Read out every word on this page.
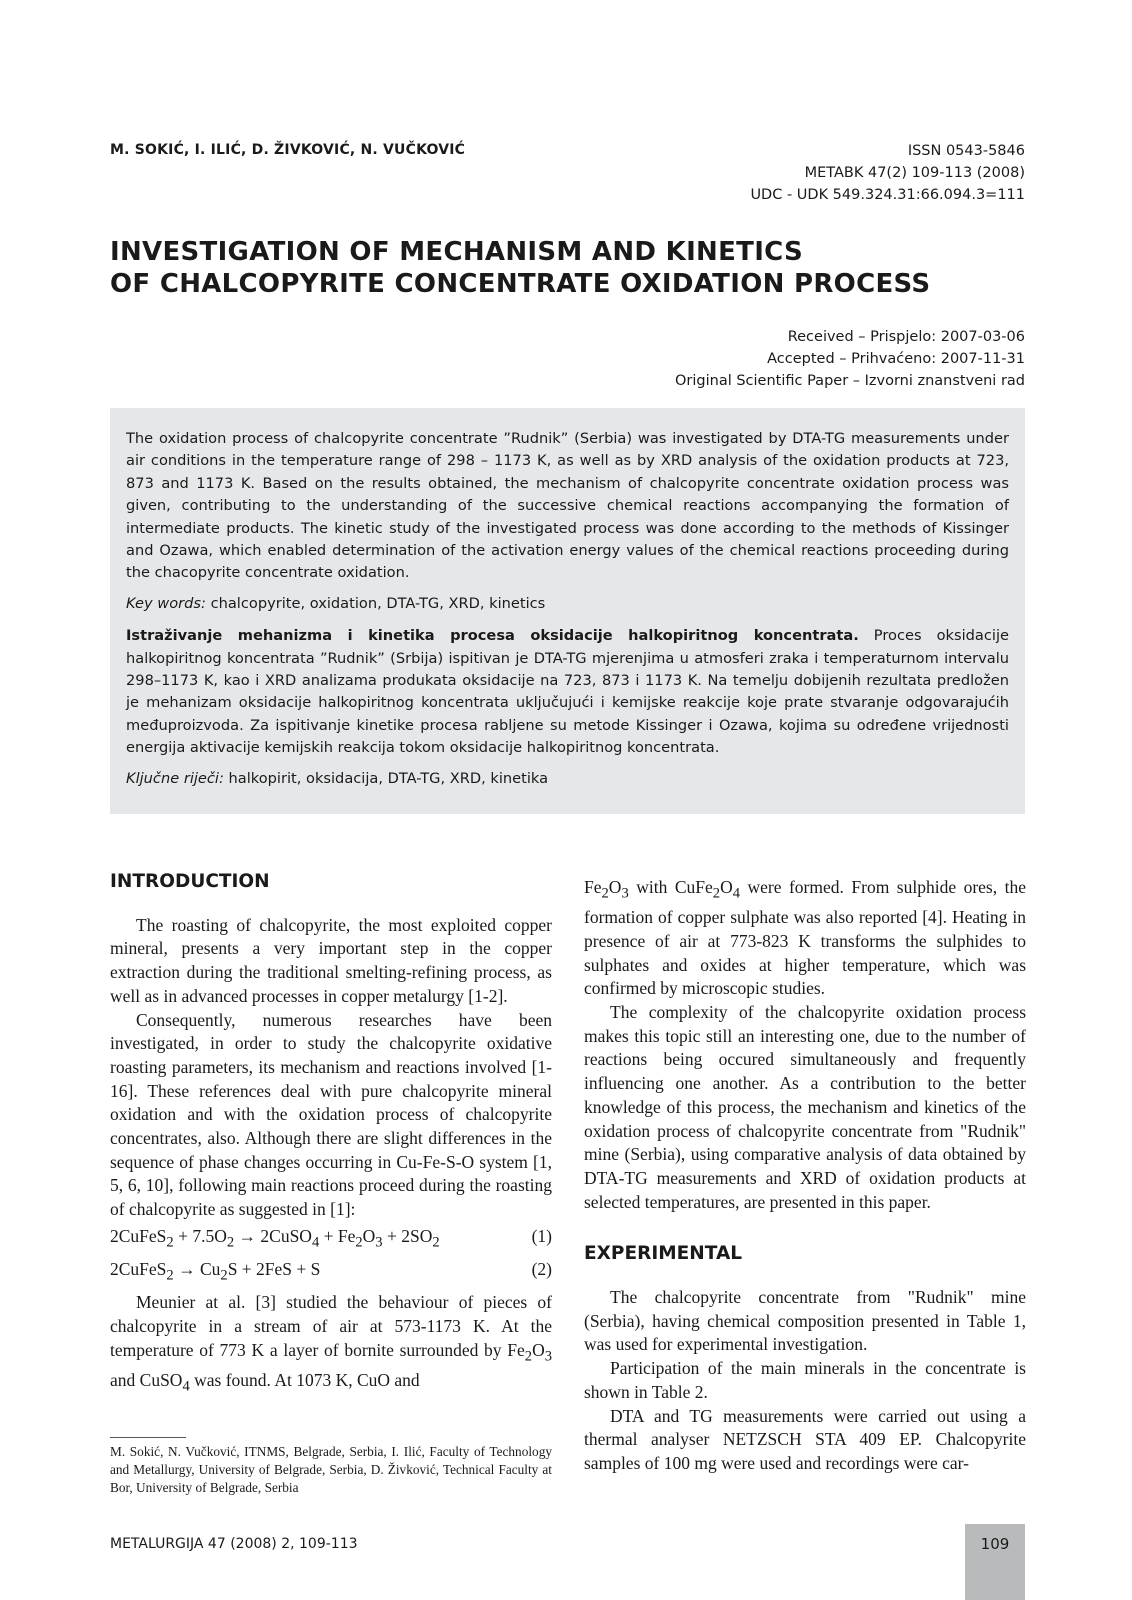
M. SOKIĆ, I. ILIĆ, D. ŽIVKOVIĆ, N. VUČKOVIĆ	ISSN 0543-5846
METABK 47(2) 109-113 (2008)
UDC - UDK 549.324.31:66.094.3=111
INVESTIGATION OF MECHANISM AND KINETICS
OF CHALCOPYRITE CONCENTRATE OXIDATION PROCESS
Received – Prispjelo: 2007-03-06
Accepted – Prihvaćeno: 2007-11-31
Original Scientific Paper – Izvorni znanstveni rad

The oxidation process of chalcopyrite concentrate ”Rudnik” (Serbia) was investigated by DTA-TG measurements under air conditions in the temperature range of 298 – 1173 K, as well as by XRD analysis of the oxidation products at 723, 873 and 1173 K. Based on the results obtained, the mechanism of chalcopyrite concentrate oxidation process was given, contributing to the understanding of the successive chemical reactions accompanying the formation of intermediate products. The kinetic study of the investigated process was done according to the methods of Kissinger and Ozawa, which enabled determination of the activation energy values of the chemical reactions proceeding during the chacopyrite concentrate oxidation.

Key words: chalcopyrite, oxidation, DTA-TG, XRD, kinetics

Istraživanje mehanizma i kinetika procesa oksidacije halkopiritnog koncentrata. Proces oksidacije halkopiritnog koncentrata ”Rudnik” (Srbija) ispitivan je DTA-TG mjerenjima u atmosferi zraka i temperaturnom intervalu 298–1173 K, kao i XRD analizama produkata oksidacije na 723, 873 i 1173 K. Na temelju dobijenih rezultata predložen je mehanizam oksidacije halkopiritnog koncentrata uključujući i kemijske reakcije koje prate stvaranje odgovarajućih međuproizvoda. Za ispitivanje kinetike procesa rabljene su metode Kissinger i Ozawa, kojima su određene vrijednosti energija aktivacije kemijskih reakcija tokom oksidacije halkopiritnog koncentrata.

Ključne riječi: halkopirit, oksidacija, DTA-TG, XRD, kinetika

INTRODUCTION

The roasting of chalcopyrite, the most exploited copper mineral, presents a very important step in the copper extraction during the traditional smelting-refining process, as well as in advanced processes in copper metalurgy [1-2].

Consequently, numerous researches have been investigated, in order to study the chalcopyrite oxidative roasting parameters, its mechanism and reactions involved [1-16]. These references deal with pure chalcopyrite mineral oxidation and with the oxidation process of chalcopyrite concentrates, also. Although there are slight differences in the sequence of phase changes occurring in Cu-Fe-S-O system [1, 5, 6, 10], following main reactions proceed during the roasting of chalcopyrite as suggested in [1]:

2CuFeS$_2$ + $7.5O_2$ → 2CuSO$_4$ + $Fe_2O_3 + 2SO_2$	(1)
2CuFeS$_2$ → $Cu_2S + 2FeS + S$	(2)

Meunier at al. [3] studied the behaviour of pieces of chalcopyrite in a stream of air at 573-1173 K. At the temperature of 773 K a layer of bornite surrounded by $Fe_2O_3$ and CuSO$_4$ was found. At 1073 K, CuO and

$Fe_2O_3$ with $CuFe_2O_4$ were formed. From sulphide ores, the formation of copper sulphate was also reported [4]. Heating in presence of air at 773-823 K transforms the sulphides to sulphates and oxides at higher temperature, which was confirmed by microscopic studies.

The complexity of the chalcopyrite oxidation process makes this topic still an interesting one, due to the number of reactions being occured simultaneously and frequently influencing one another. As a contribution to the better knowledge of this process, the mechanism and kinetics of the oxidation process of chalcopyrite concentrate from "Rudnik" mine (Serbia), using comparative analysis of data obtained by DTA-TG measurements and XRD of oxidation products at selected temperatures, are presented in this paper.

EXPERIMENTAL

The chalcopyrite concentrate from "Rudnik" mine (Serbia), having chemical composition presented in Table 1, was used for experimental investigation.

Participation of the main minerals in the concentrate is shown in Table 2.

DTA and TG measurements were carried out using a thermal analyser NETZSCH STA 409 EP. Chalcopyrite samples of 100 mg were used and recordings were car-

M. Sokić, N. Vučković, ITNMS, Belgrade, Serbia, I. Ilić, Faculty of Technology and Metallurgy, University of Belgrade, Serbia, D. Živković, Technical Faculty at Bor, University of Belgrade, Serbia
METALURGIJA 47 (2008) 2, 109-113	109
